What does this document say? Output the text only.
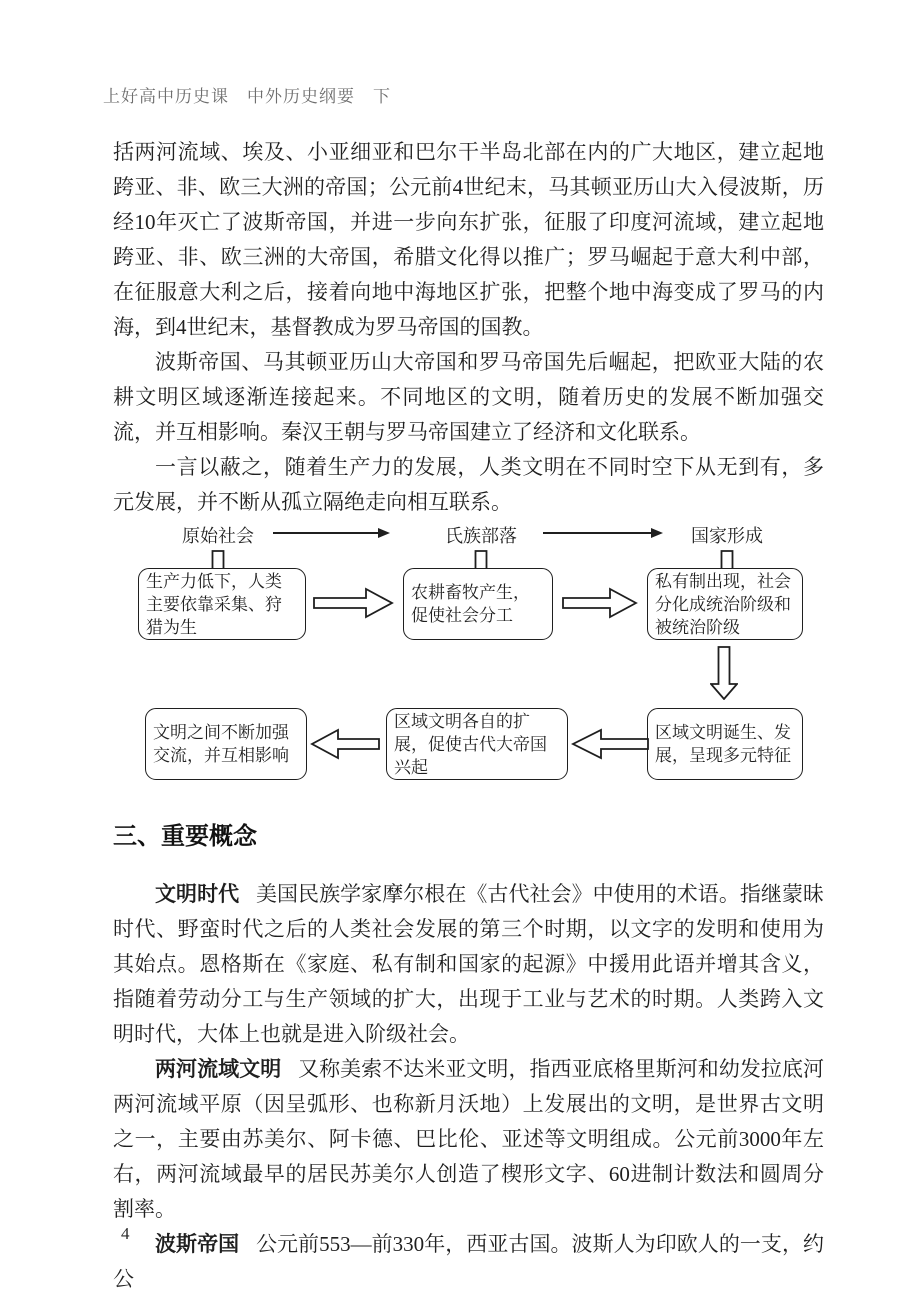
上好高中历史课　中外历史纲要　下

括两河流域、埃及、小亚细亚和巴尔干半岛北部在内的广大地区，建立起地跨亚、非、欧三大洲的帝国；公元前4世纪末，马其顿亚历山大入侵波斯，历经10年灭亡了波斯帝国，并进一步向东扩张，征服了印度河流域，建立起地跨亚、非、欧三洲的大帝国，希腊文化得以推广；罗马崛起于意大利中部，在征服意大利之后，接着向地中海地区扩张，把整个地中海变成了罗马的内海，到4世纪末，基督教成为罗马帝国的国教。

波斯帝国、马其顿亚历山大帝国和罗马帝国先后崛起，把欧亚大陆的农耕文明区域逐渐连接起来。不同地区的文明，随着历史的发展不断加强交流，并互相影响。秦汉王朝与罗马帝国建立了经济和文化联系。

一言以蔽之，随着生产力的发展，人类文明在不同时空下从无到有，多元发展，并不断从孤立隔绝走向相互联系。

原始社会	氏族部落	国家形成
生产力低下，人类主要依靠采集、狩猎为生
农耕畜牧产生，促使社会分工
私有制出现，社会分化成统治阶级和被统治阶级
区域文明诞生、发展，呈现多元特征
区域文明各自的扩展，促使古代大帝国兴起
文明之间不断加强交流，并互相影响
三、重要概念

文明时代 美国民族学家摩尔根在《古代社会》中使用的术语。指继蒙昧时代、野蛮时代之后的人类社会发展的第三个时期，以文字的发明和使用为其始点。恩格斯在《家庭、私有制和国家的起源》中援用此语并增其含义，指随着劳动分工与生产领域的扩大，出现于工业与艺术的时期。人类跨入文明时代，大体上也就是进入阶级社会。

两河流域文明 又称美索不达米亚文明，指西亚底格里斯河和幼发拉底河两河流域平原（因呈弧形、也称新月沃地）上发展出的文明，是世界古文明之一，主要由苏美尔、阿卡德、巴比伦、亚述等文明组成。公元前3000年左右，两河流域最早的居民苏美尔人创造了楔形文字、60进制计数法和圆周分割率。

波斯帝国 公元前553—前330年，西亚古国。波斯人为印欧人的一支，约公

4
